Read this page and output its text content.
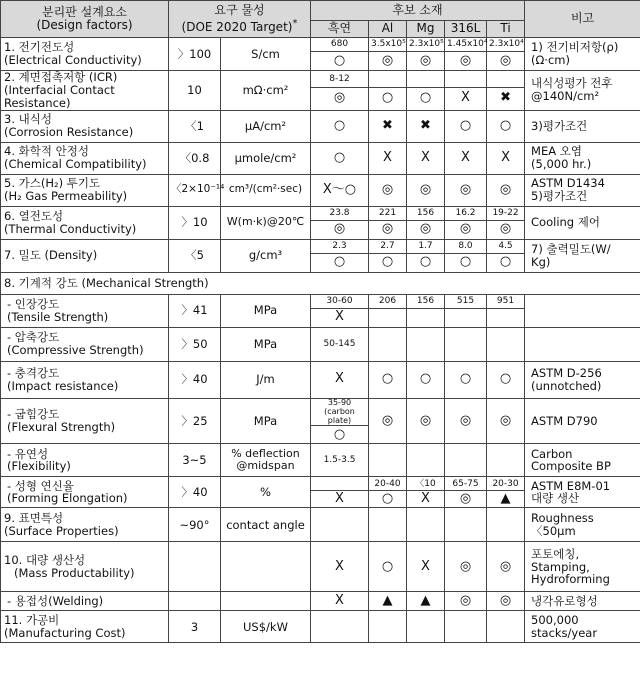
분리판 설계요소
(Design factors)	요구 물성
(DOE 2020 Target)*		후보 소재					비고
			흑연	Al	Mg	316L	Ti	

1. 전기전도성
(Electrical Conductivity)	〉100	S/cm	680	3.5x10⁵	2.3x10⁵	1.45x10⁴	2.3x10⁴	1) 전기비저항(ρ)
(Ω·cm)

			○	◎	◎	◎	◎	

2. 계면접촉저항 (ICR)
(Interfacial Contact Resistance)	10	mΩ·cm²	8-12					내식성평가 전후
@140N/cm²

			◎	○	○	X	✖	

3. 내식성
(Corrosion Resistance)	〈1	μA/cm²	○	✖	✖	○	○	3)평가조건

4. 화학적 안정성
(Chemical Compatibility)	〈0.8	μmole/cm²	○	X	X	X	X	MEA 오염
(5,000 hr.)

5. 가스(H₂) 투기도
(H₂ Gas Permeability)	〈2×10⁻¹⁴	cm³/(cm²·sec)	X～○	◎	◎	◎	◎	ASTM D1434
5)평가조건

6. 열전도성
(Thermal Conductivity)	〉10	W(m·k)@20℃	23.8	221	156	16.2	19-22	Cooling 제어
			◎	◎	◎	◎	◎	

7. 밀도 (Density)	〈5	g/cm³	2.3	2.7	1.7	8.0	4.5	7) 출력밀도(W/
Kg)

			○	○	○	○	○	
8. 기계적 강도 (Mechanical Strength)								

- 인장강도
(Tensile Strength)	〉41	MPa	30-60	206	156	515	951	
			X					

- 압축강도
(Compressive Strength)	〉50	MPa	50-145					

- 충격강도
(Impact resistance)	〉40	J/m	X	○	○	○	○	ASTM D-256
(unnotched)

- 굽힘강도
(Flexural Strength)	〉25	MPa	35-90 (carbon plate)	◎	◎	◎	◎	ASTM D790
			○					

- 유연성
(Flexibility)	3~5	% deflection @midspan	1.5-3.5					Carbon
Composite BP

- 성형 연신율
(Forming Elongation)	〉40	%		20-40	〈10	65-75	20-30	ASTM E8M-01
대량 생산

			X	○	X	◎	▲	

9. 표면특성
(Surface Properties)	~90°	contact angle						Roughness
〈50μm

10. 대량 생산성
(Mass Productability)			X	○	X	◎	◎	포토에칭,
Stamping,
Hydroforming

- 용접성(Welding)			X	▲	▲	◎	◎	냉각유로형성

11. 가공비
(Manufacturing Cost)	3	US$/kW						500,000
stacks/year
